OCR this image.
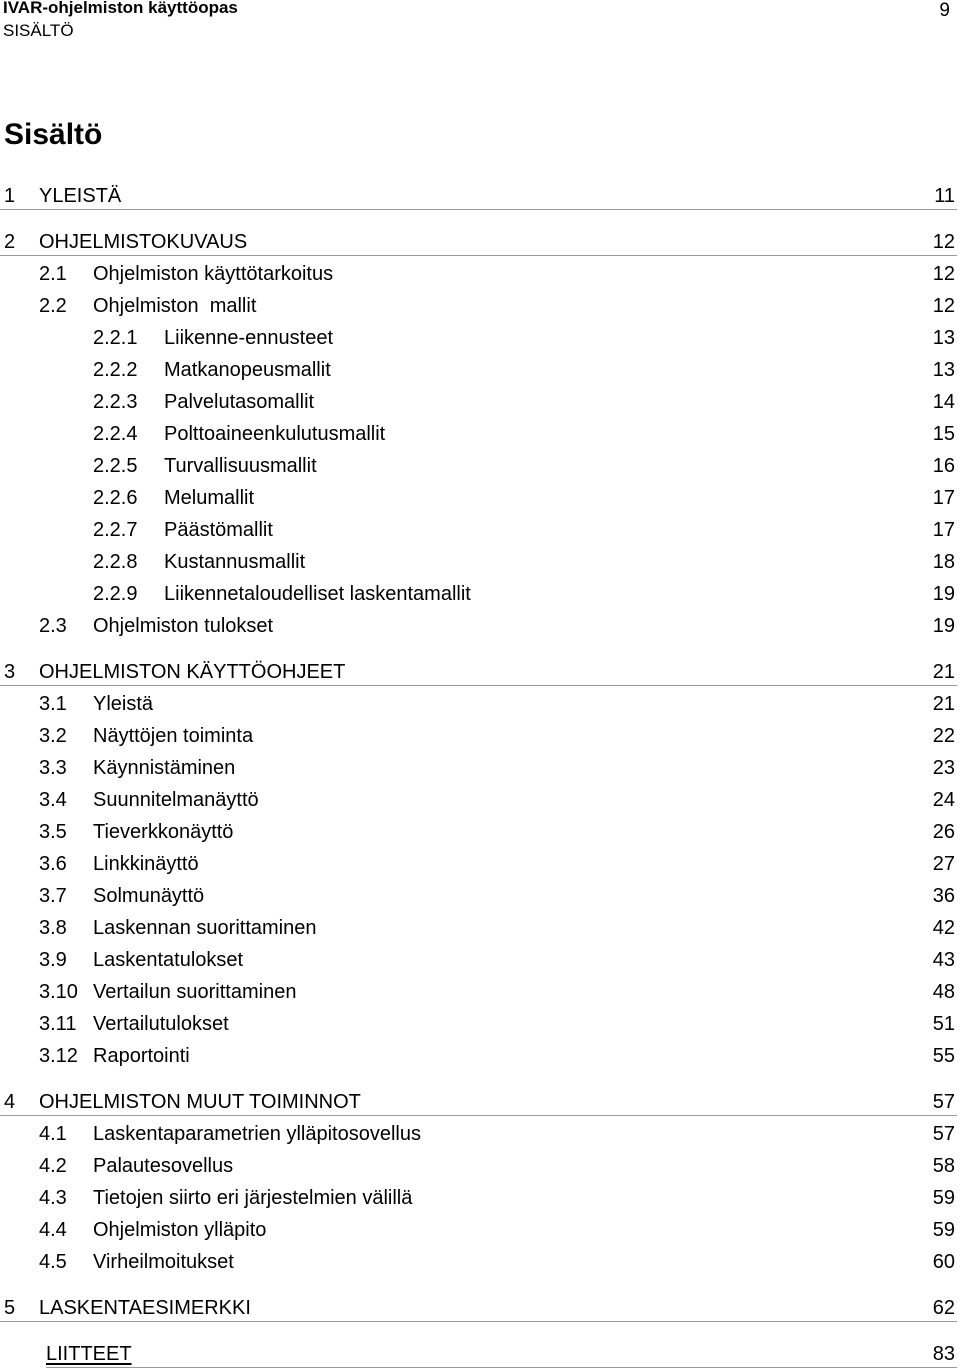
IVAR-ohjelmiston käyttöopas
SISÄLTÖ
9
Sisältö
1 YLEISTÄ	11
2 OHJELMISTOKUVAUS	12
2.1 Ohjelmiston käyttötarkoitus	12
2.2 Ohjelmiston  mallit	12
2.2.1 Liikenne-ennusteet	13
2.2.2 Matkanopeusmallit	13
2.2.3 Palvelutasomallit	14
2.2.4 Polttoaineenkulutusmallit	15
2.2.5 Turvallisuusmallit	16
2.2.6 Melumallit	17
2.2.7 Päästömallit	17
2.2.8 Kustannusmallit	18
2.2.9 Liikennetaloudelliset laskentamallit	19
2.3 Ohjelmiston tulokset	19
3 OHJELMISTON KÄYTTÖOHJEET	21
3.1 Yleistä	21
3.2 Näyttöjen toiminta	22
3.3 Käynnistäminen	23
3.4 Suunnitelmanäyttö	24
3.5 Tieverkkonäyttö	26
3.6 Linkkinäyttö	27
3.7 Solmunäyttö	36
3.8 Laskennan suorittaminen	42
3.9 Laskentatulokset	43
3.10 Vertailun suorittaminen	48
3.11 Vertailutulokset	51
3.12 Raportointi	55
4 OHJELMISTON MUUT TOIMINNOT	57
4.1 Laskentaparametrien ylläpitosovellus	57
4.2 Palautesovellus	58
4.3 Tietojen siirto eri järjestelmien välillä	59
4.4 Ohjelmiston ylläpito	59
4.5 Virheilmoitukset	60
5 LASKENTAESIMERKKI	62
LIITTEET	83
